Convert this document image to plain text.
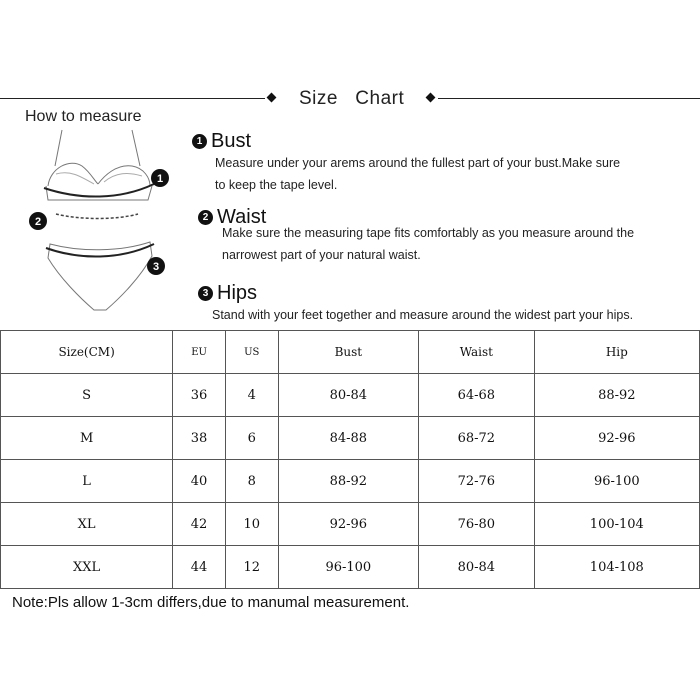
Size   Chart
How to measure
1
2
3
1 Bust
Measure under your arems around the fullest part of your bust.Make sure
to keep the tape level.
2 Waist
Make sure the measuring tape fits comfortably as you measure around the
narrowest part of your natural waist.
3 Hips
Stand with your feet together and measure around the widest part your hips.
Size(CM)	EU	US	Bust	Waist	Hip
S	36	4	80-84	64-68	88-92
M	38	6	84-88	68-72	92-96
L	40	8	88-92	72-76	96-100
XL	42	10	92-96	76-80	100-104
XXL	44	12	96-100	80-84	104-108
Note:Pls allow 1-3cm differs,due to manumal measurement.
